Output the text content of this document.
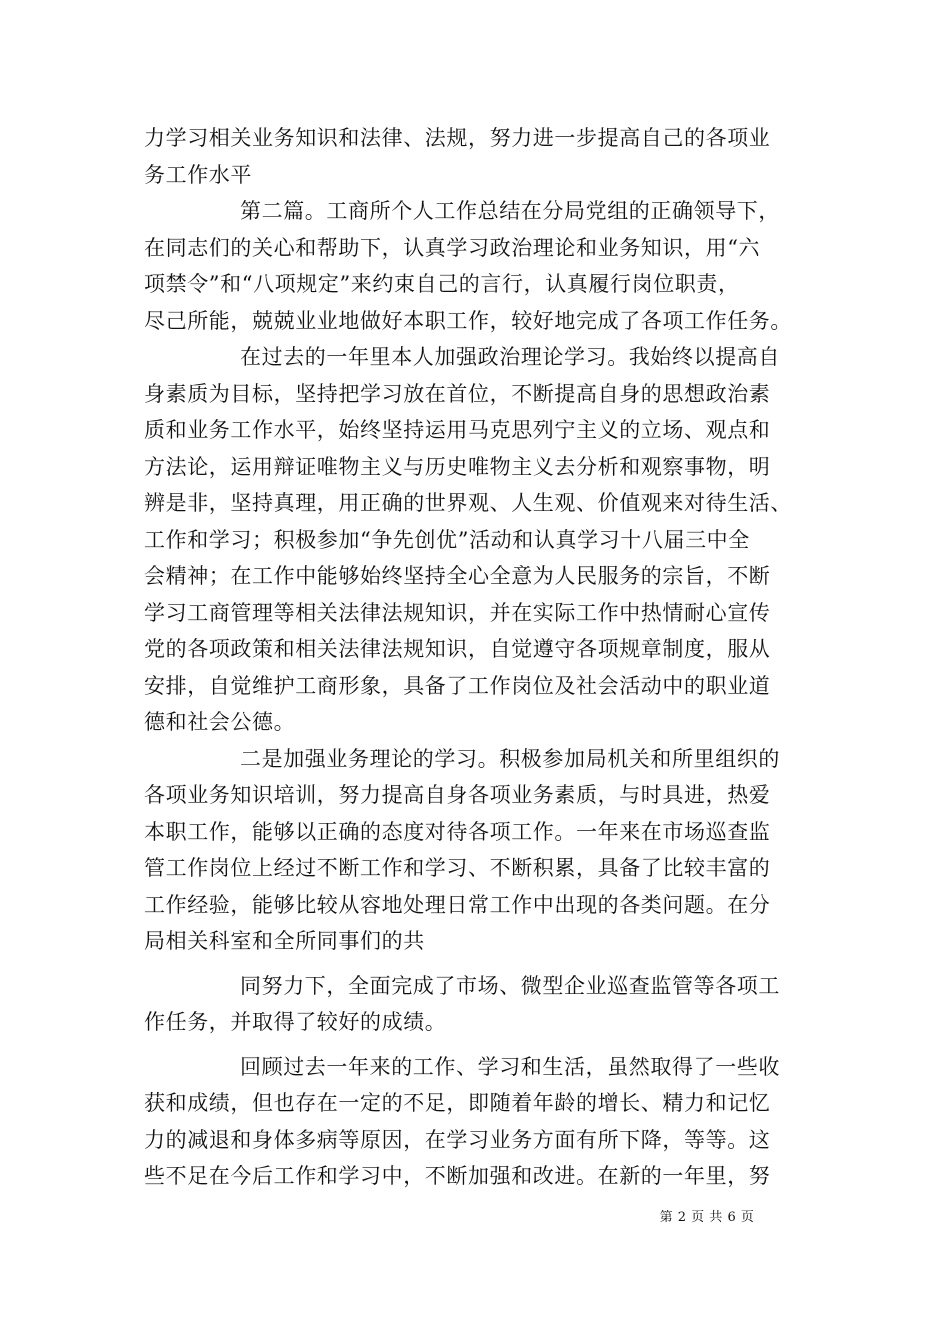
力学习相关业务知识和法律、法规，努力进一步提高自己的各项业
务工作水平
第二篇。工商所个人工作总结在分局党组的正确领导下，
在同志们的关心和帮助下，认真学习政治理论和业务知识，用“六
项禁令”和“八项规定”来约束自己的言行，认真履行岗位职责，
尽己所能，兢兢业业地做好本职工作，较好地完成了各项工作任务。
在过去的一年里本人加强政治理论学习。我始终以提高自
身素质为目标，坚持把学习放在首位，不断提高自身的思想政治素
质和业务工作水平，始终坚持运用马克思列宁主义的立场、观点和
方法论，运用辩证唯物主义与历史唯物主义去分析和观察事物，明
辨是非，坚持真理，用正确的世界观、人生观、价值观来对待生活、
工作和学习；积极参加“争先创优”活动和认真学习十八届三中全
会精神；在工作中能够始终坚持全心全意为人民服务的宗旨，不断
学习工商管理等相关法律法规知识，并在实际工作中热情耐心宣传
党的各项政策和相关法律法规知识，自觉遵守各项规章制度，服从
安排，自觉维护工商形象，具备了工作岗位及社会活动中的职业道
德和社会公德。
二是加强业务理论的学习。积极参加局机关和所里组织的
各项业务知识培训，努力提高自身各项业务素质，与时具进，热爱
本职工作，能够以正确的态度对待各项工作。一年来在市场巡查监
管工作岗位上经过不断工作和学习、不断积累，具备了比较丰富的
工作经验，能够比较从容地处理日常工作中出现的各类问题。在分
局相关科室和全所同事们的共
同努力下，全面完成了市场、微型企业巡查监管等各项工
作任务，并取得了较好的成绩。
回顾过去一年来的工作、学习和生活，虽然取得了一些收
获和成绩，但也存在一定的不足，即随着年龄的增长、精力和记忆
力的减退和身体多病等原因，在学习业务方面有所下降，等等。这
些不足在今后工作和学习中，不断加强和改进。在新的一年里，努
第 2 页 共 6 页
